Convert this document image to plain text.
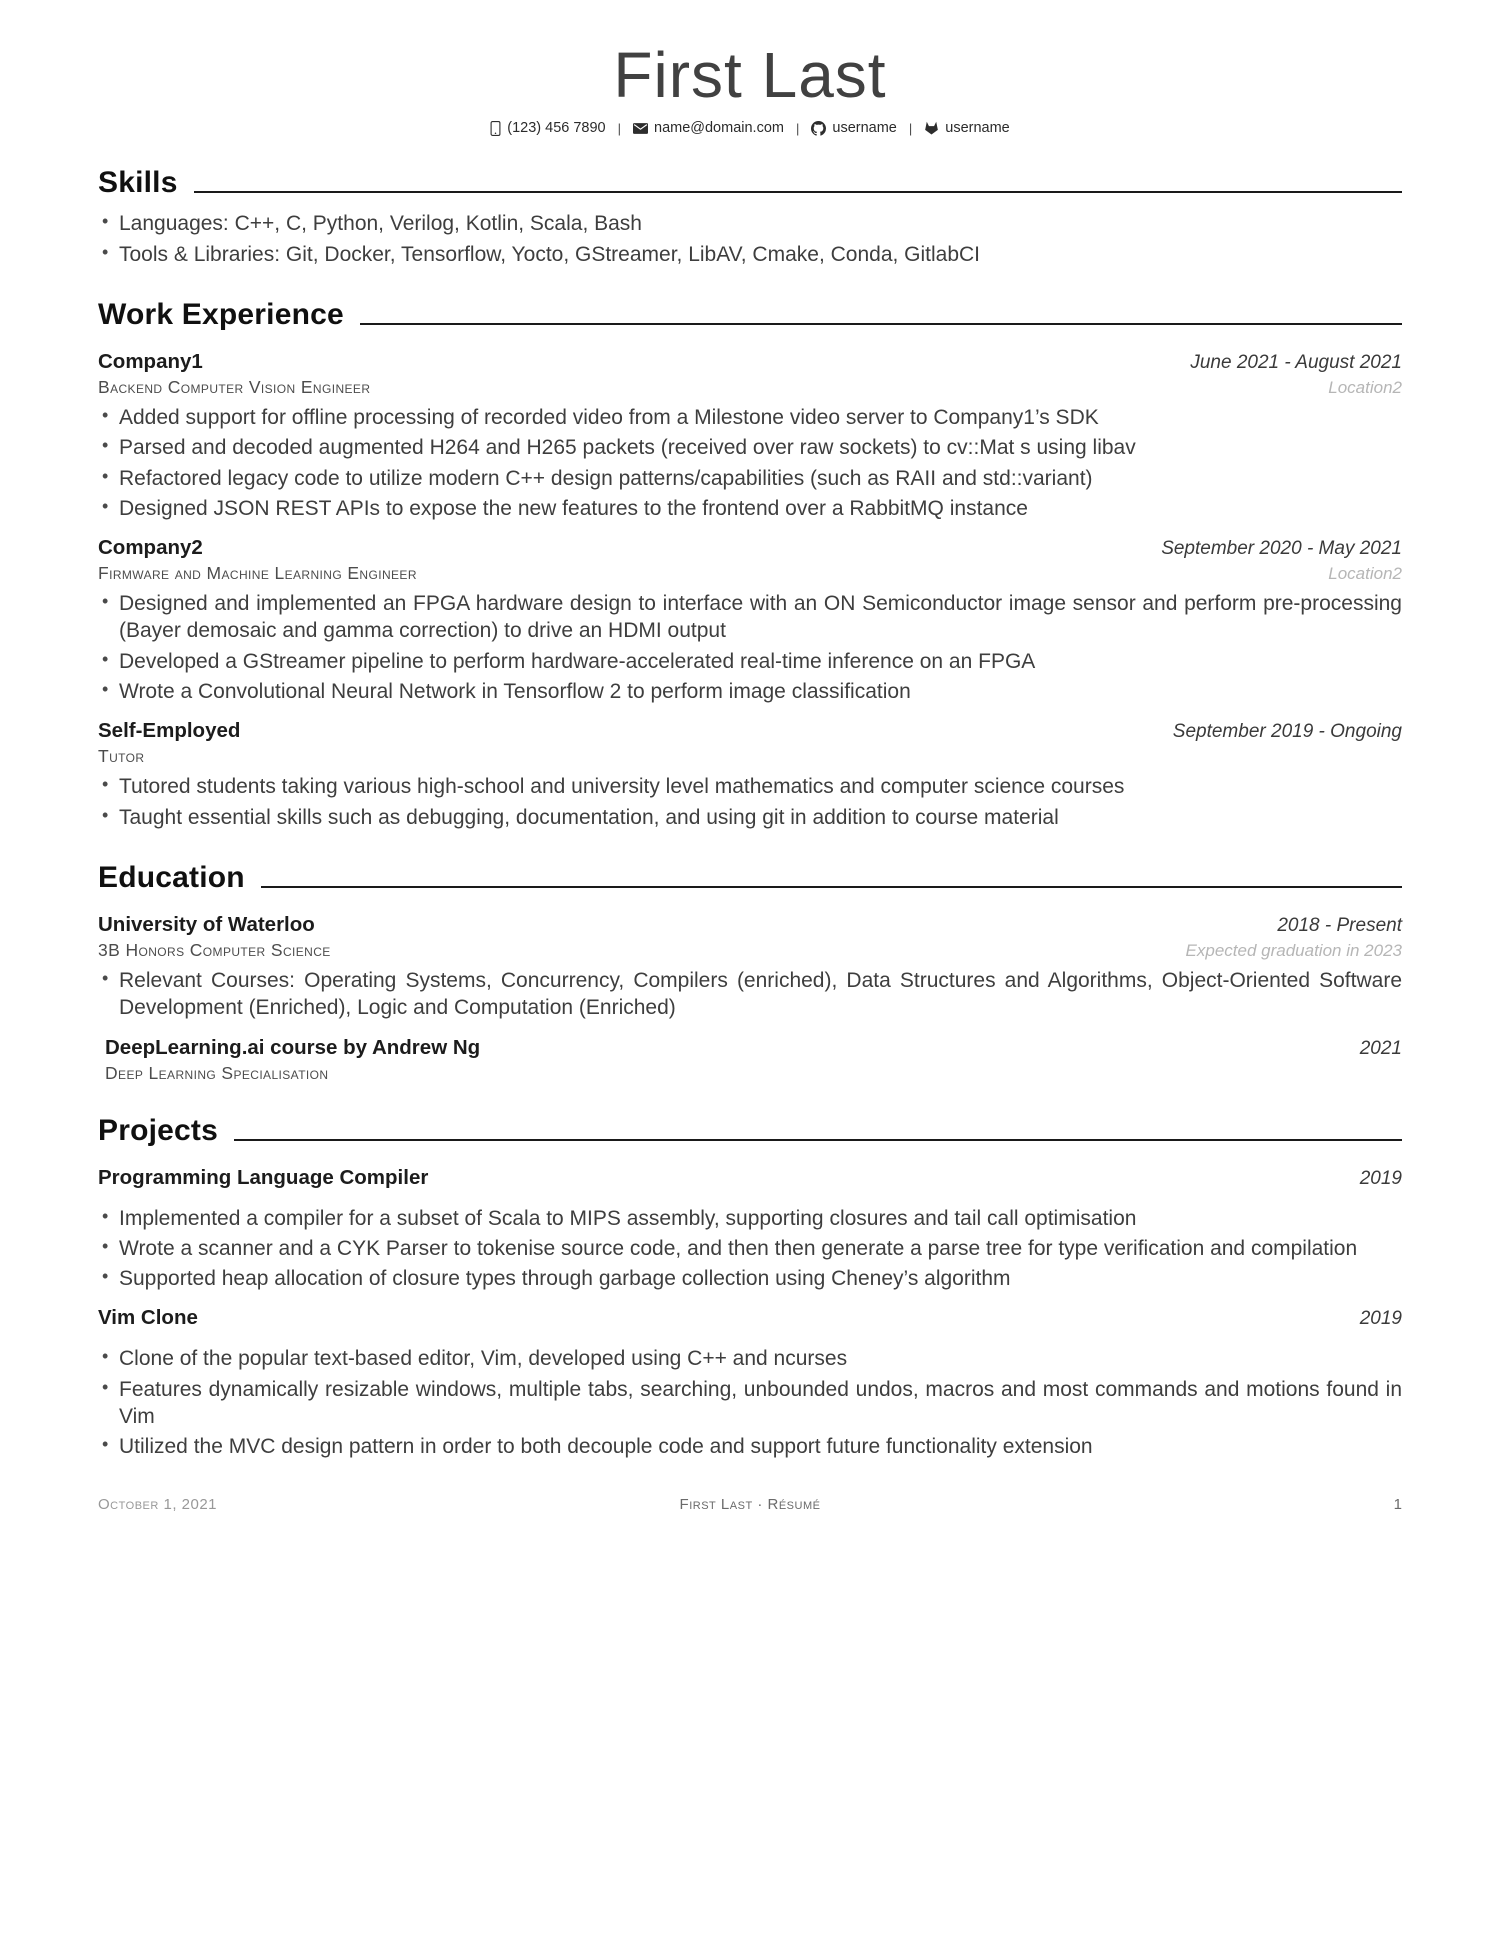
First Last
(123) 456 7890 | name@domain.com | username | username
Skills
• Languages: C++, C, Python, Verilog, Kotlin, Scala, Bash
• Tools & Libraries: Git, Docker, Tensorflow, Yocto, GStreamer, LibAV, Cmake, Conda, GitlabCI
Work Experience
Company1	June 2021 - August 2021
Backend Computer Vision Engineer	Location2
• Added support for offline processing of recorded video from a Milestone video server to Company1’s SDK
• Parsed and decoded augmented H264 and H265 packets (received over raw sockets) to cv::Mat s using libav
• Refactored legacy code to utilize modern C++ design patterns/capabilities (such as RAII and std::variant)
• Designed JSON REST APIs to expose the new features to the frontend over a RabbitMQ instance
Company2	September 2020 - May 2021
Firmware and Machine Learning Engineer	Location2
• Designed and implemented an FPGA hardware design to interface with an ON Semiconductor image sensor and perform pre-processing (Bayer demosaic and gamma correction) to drive an HDMI output
• Developed a GStreamer pipeline to perform hardware-accelerated real-time inference on an FPGA
• Wrote a Convolutional Neural Network in Tensorflow 2 to perform image classification
Self-Employed	September 2019 - Ongoing
Tutor
• Tutored students taking various high-school and university level mathematics and computer science courses
• Taught essential skills such as debugging, documentation, and using git in addition to course material
Education
University of Waterloo	2018 - Present
3B Honors Computer Science	Expected graduation in 2023
• Relevant Courses: Operating Systems, Concurrency, Compilers (enriched), Data Structures and Algorithms, Object-Oriented Software Development (Enriched), Logic and Computation (Enriched)
DeepLearning.ai course by Andrew Ng	2021
Deep Learning Specialisation
Projects
Programming Language Compiler	2019
• Implemented a compiler for a subset of Scala to MIPS assembly, supporting closures and tail call optimisation
• Wrote a scanner and a CYK Parser to tokenise source code, and then then generate a parse tree for type verification and compilation
• Supported heap allocation of closure types through garbage collection using Cheney’s algorithm
Vim Clone	2019
• Clone of the popular text-based editor, Vim, developed using C++ and ncurses
• Features dynamically resizable windows, multiple tabs, searching, unbounded undos, macros and most commands and motions found in Vim
• Utilized the MVC design pattern in order to both decouple code and support future functionality extension
October 1, 2021	First Last · Résumé	1
